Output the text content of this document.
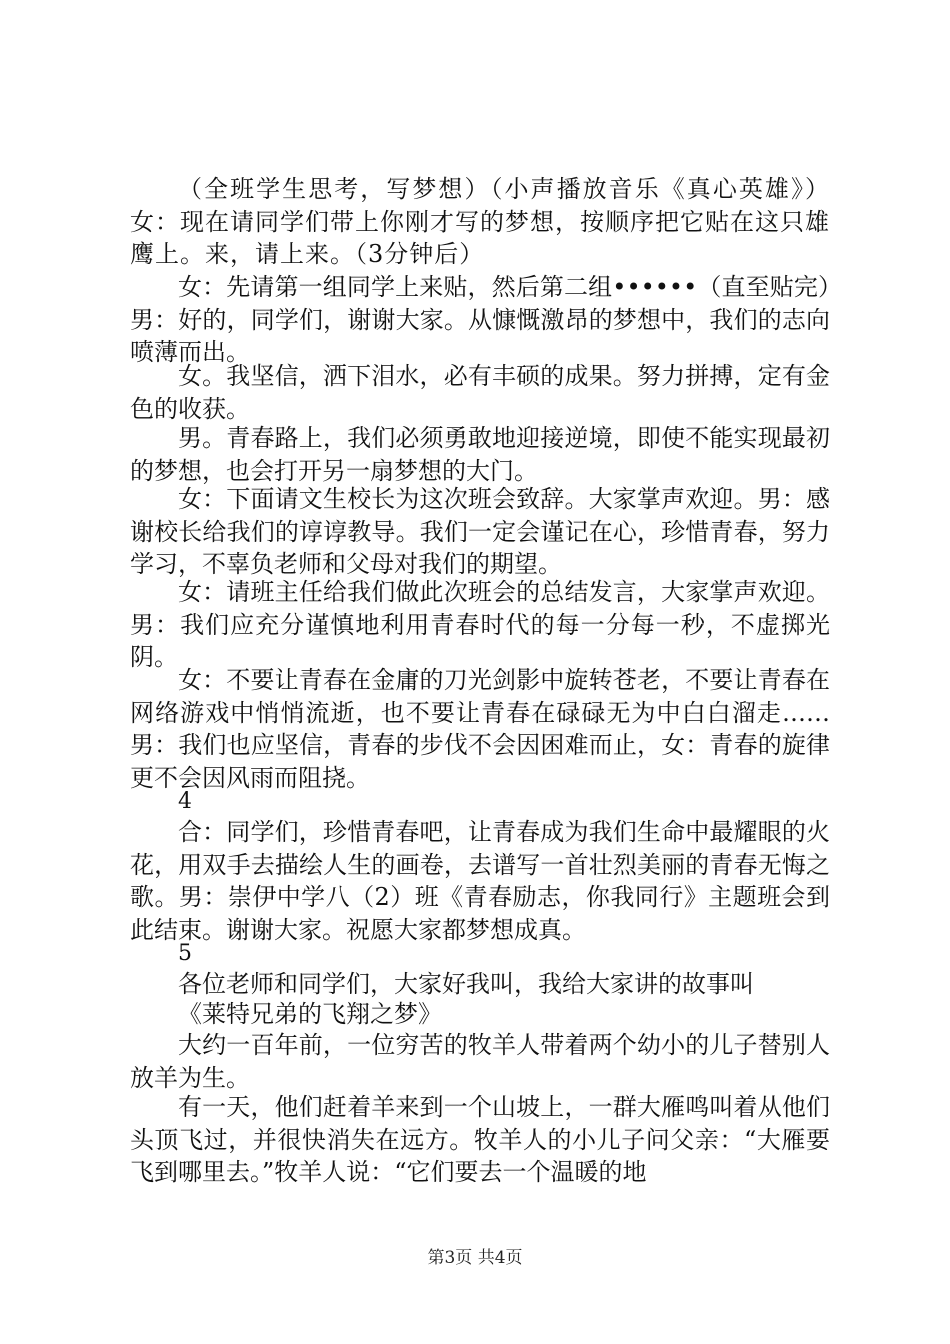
（全班学生思考，写梦想）（小声播放音乐《真心英雄》）女：现在请同学们带上你刚才写的梦想，按顺序把它贴在这只雄鹰上。来，请上来。（3分钟后）

女：先请第一组同学上来贴，然后第二组••••••（直至贴完）男：好的，同学们，谢谢大家。从慷慨激昂的梦想中，我们的志向喷薄而出。

女。我坚信，洒下泪水，必有丰硕的成果。努力拼搏，定有金色的收获。

男。青春路上，我们必须勇敢地迎接逆境，即使不能实现最初的梦想，也会打开另一扇梦想的大门。

女：下面请文生校长为这次班会致辞。大家掌声欢迎。男：感谢校长给我们的谆谆教导。我们一定会谨记在心，珍惜青春，努力学习，不辜负老师和父母对我们的期望。

女：请班主任给我们做此次班会的总结发言，大家掌声欢迎。男：我们应充分谨慎地利用青春时代的每一分每一秒，不虚掷光阴。

女：不要让青春在金庸的刀光剑影中旋转苍老，不要让青春在网络游戏中悄悄流逝，也不要让青春在碌碌无为中白白溜走……男：我们也应坚信，青春的步伐不会因困难而止，女：青春的旋律更不会因风雨而阻挠。

4

合：同学们，珍惜青春吧，让青春成为我们生命中最耀眼的火花，用双手去描绘人生的画卷，去谱写一首壮烈美丽的青春无悔之歌。男：崇伊中学八（2）班《青春励志，你我同行》主题班会到此结束。谢谢大家。祝愿大家都梦想成真。

5

各位老师和同学们，大家好我叫，我给大家讲的故事叫

《莱特兄弟的飞翔之梦》

大约一百年前，一位穷苦的牧羊人带着两个幼小的儿子替别人放羊为生。

有一天，他们赶着羊来到一个山坡上，一群大雁鸣叫着从他们头顶飞过，并很快消失在远方。牧羊人的小儿子问父亲：“大雁要飞到哪里去。”牧羊人说：“它们要去一个温暖的地

第3页 共4页
